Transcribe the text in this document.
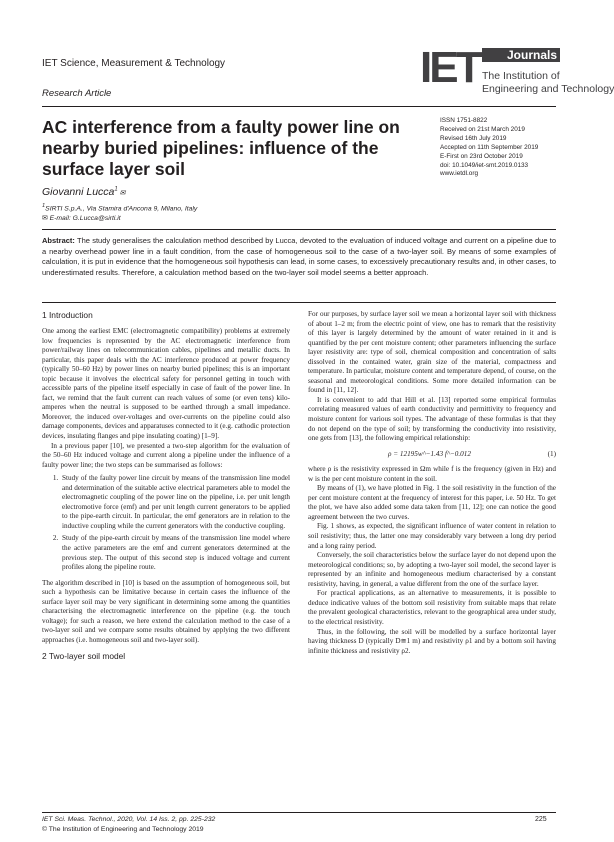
IET Science, Measurement & Technology
Research Article
IET	Journals
The Institution of
Engineering and Technology
AC interference from a faulty power line on nearby buried pipelines: influence of the surface layer soil
ISSN 1751-8822
Received on 21st March 2019
Revised 16th July 2019
Accepted on 11th September 2019
E-First on 23rd October 2019
doi: 10.1049/iet-smt.2019.0133
www.ietdl.org
Giovanni Lucca$^1$ ✉
$^1$SIRTI S.p.A., Via Stamira d'Ancona 9, Milano, Italy
✉ E-mail: G.Lucca@sirti.it

Abstract: The study generalises the calculation method described by Lucca, devoted to the evaluation of induced voltage and current on a pipeline due to a nearby overhead power line in a fault condition, from the case of homogeneous soil to the case of a two-layer soil. By means of some examples of calculation, it is put in evidence that the homogeneous soil hypothesis can lead, in some cases, to excessively precautionary results and, in other cases, to underestimated results. Therefore, a calculation method based on the two-layer soil model seems a better approach.

1 Introduction

One among the earliest EMC (electromagnetic compatibility) problems at extremely low frequencies is represented by the AC electromagnetic interference from power/railway lines on telecommunication cables, pipelines and metallic ducts. In particular, this paper deals with the AC interference produced at power frequency (typically 50–60 Hz) by power lines on nearby buried pipelines; this is an important topic because it involves the electrical safety for personnel getting in touch with accessible parts of the pipeline itself especially in case of fault of the power line. In fact, we remind that the fault current can reach values of some (or even tens) kilo-amperes when the neutral is supposed to be earthed through a small impedance. Moreover, the induced over-voltages and over-currents on the pipeline could also damage components, devices and apparatuses connected to it (e.g. cathodic protection devices, insulating flanges and pipe insulating coating) [1–9].

In a previous paper [10], we presented a two-step algorithm for the evaluation of the 50–60 Hz induced voltage and current along a pipeline under the influence of a faulty power line; the two steps can be summarised as follows:

1. Study of the faulty power line circuit by means of the transmission line model and determination of the suitable active electrical parameters able to model the electromagnetic coupling of the power line on the pipeline, i.e. per unit length electromotive force (emf) and per unit length current generators to be applied to the pipe-earth circuit. In particular, the emf generators are in relation to the inductive coupling while the current generators with the conductive coupling.
2. Study of the pipe-earth circuit by means of the transmission line model where the active parameters are the emf and current generators determined at the previous step. The output of this second step is induced voltage and current profiles along the pipeline route.

The algorithm described in [10] is based on the assumption of homogeneous soil, but such a hypothesis can be limitative because in certain cases the influence of the surface layer soil may be very significant in determining some among the quantities characterising the electromagnetic interference on the pipeline (e.g. the touch voltage); for such a reason, we here extend the calculation method to the case of a two-layer soil and we compare some results obtained by applying the two different approaches (i.e. homogeneous soil and two-layer soil).

2 Two-layer soil model

For our purposes, by surface layer soil we mean a horizontal layer soil with thickness of about 1–2 m; from the electric point of view, one has to remark that the resistivity of this layer is largely determined by the amount of water retained in it and is quantified by the per cent moisture content; other parameters influencing the surface layer resistivity are: type of soil, chemical composition and concentration of salts dissolved in the contained water, grain size of the material, compactness and temperature. In particular, moisture content and temperature depend, of course, on the seasonal and meteorological conditions. Some more detailed information can be found in [11, 12].

It is convenient to add that Hill et al. [13] reported some empirical formulas correlating measured values of earth conductivity and permittivity to frequency and moisture content for various soil types. The advantage of these formulas is that they do not depend on the type of soil; by transforming the conductivity into resistivity, one gets from [13], the following empirical relationship:

ρ = 12195w^−1.43 f^−0.012	(1)

where ρ is the resistivity expressed in Ωm while f is the frequency (given in Hz) and w is the per cent moisture content in the soil.

By means of (1), we have plotted in Fig. 1 the soil resistivity in the function of the per cent moisture content at the frequency of interest for this paper, i.e. 50 Hz. To get the plot, we have also added some data taken from [11, 12]; one can notice the good agreement between the two curves.

Fig. 1 shows, as expected, the significant influence of water content in relation to soil resistivity; thus, the latter one may considerably vary between a long dry period and a long rainy period.

Conversely, the soil characteristics below the surface layer do not depend upon the meteorological conditions; so, by adopting a two-layer soil model, the second layer is represented by an infinite and homogeneous medium characterised by a constant resistivity, having, in general, a value different from the one of the surface layer.

For practical applications, as an alternative to measurements, it is possible to deduce indicative values of the bottom soil resistivity from suitable maps that relate the prevalent geological characteristics, relevant to the geographical area under study, to the electrical resistivity.

Thus, in the following, the soil will be modelled by a surface horizontal layer having thickness D (typically D≅1 m) and resistivity ρ1 and by a bottom soil having infinite thickness and resistivity ρ2.

IET Sci. Meas. Technol., 2020, Vol. 14 Iss. 2, pp. 225-232
© The Institution of Engineering and Technology 2019
225
